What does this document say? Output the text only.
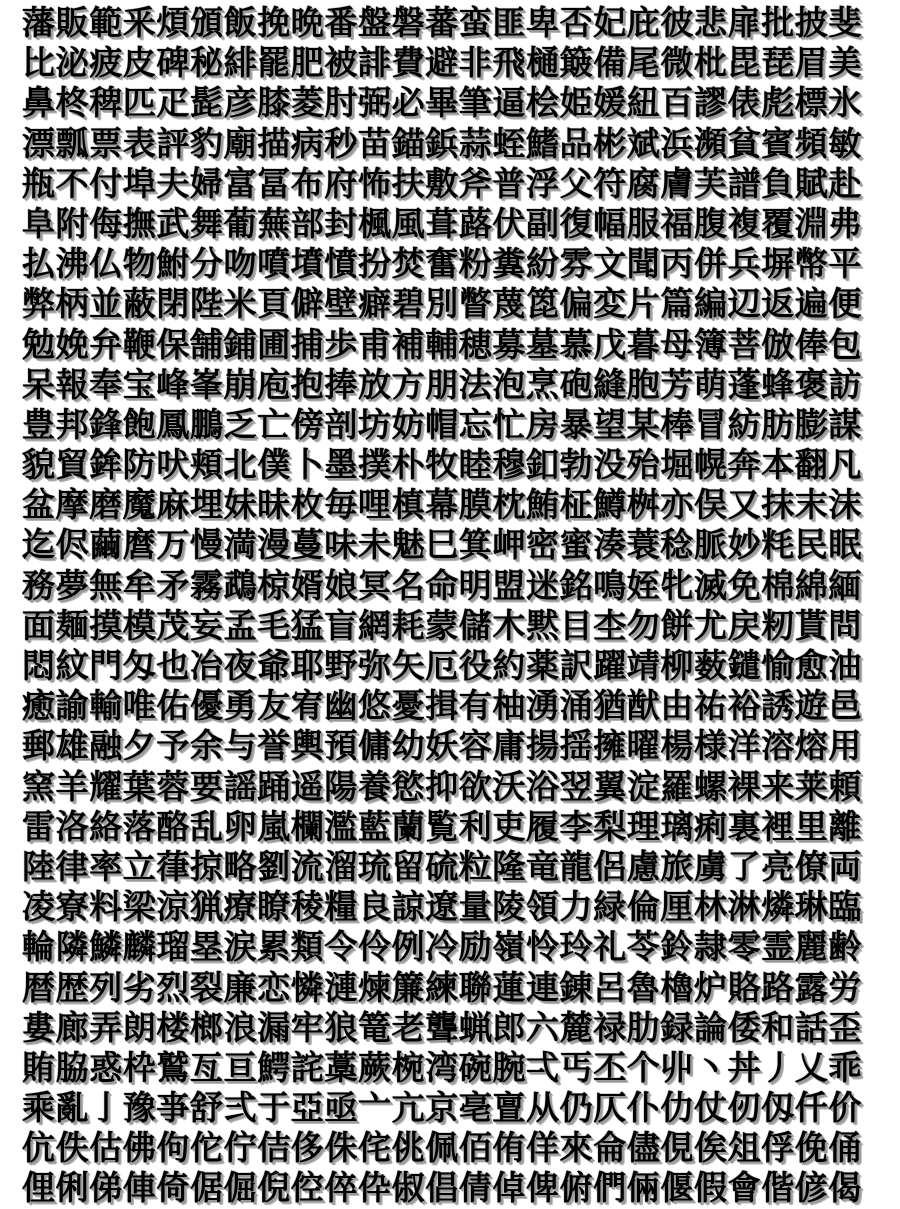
藩販範釆煩頒飯挽晩番盤磐蕃蛮匪卑否妃庇彼悲扉批披斐
比泌疲皮碑秘緋罷肥被誹費避非飛樋簸備尾微枇毘琵眉美
鼻柊稗匹疋髭彦膝菱肘弼必畢筆逼桧姫媛紐百謬俵彪標氷
漂瓢票表評豹廟描病秒苗錨鋲蒜蛭鰭品彬斌浜瀕貧賓頻敏
瓶不付埠夫婦富冨布府怖扶敷斧普浮父符腐膚芙譜負賦赴
阜附侮撫武舞葡蕪部封楓風葺蕗伏副復幅服福腹複覆淵弗
払沸仏物鮒分吻噴墳憤扮焚奮粉糞紛雰文聞丙併兵塀幣平
弊柄並蔽閉陛米頁僻壁癖碧別瞥蔑箆偏変片篇編辺返遍便
勉娩弁鞭保舗鋪圃捕歩甫補輔穂募墓慕戊暮母簿菩倣俸包
呆報奉宝峰峯崩庖抱捧放方朋法泡烹砲縫胞芳萌蓬蜂褒訪
豊邦鋒飽鳳鵬乏亡傍剖坊妨帽忘忙房暴望某棒冒紡肪膨謀
貌貿鉾防吠頬北僕卜墨撲朴牧睦穆釦勃没殆堀幌奔本翻凡
盆摩磨魔麻埋妹昧枚毎哩槙幕膜枕鮪柾鱒桝亦俣又抹末沫
迄侭繭麿万慢満漫蔓味未魅巳箕岬密蜜湊蓑稔脈妙粍民眠
務夢無牟矛霧鵡椋婿娘冥名命明盟迷銘鳴姪牝滅免棉綿緬
面麺摸模茂妄孟毛猛盲網耗蒙儲木黙目杢勿餅尤戻籾貰問
悶紋門匁也冶夜爺耶野弥矢厄役約薬訳躍靖柳薮鑓愉愈油
癒諭輸唯佑優勇友宥幽悠憂揖有柚湧涌猶猷由祐裕誘遊邑
郵雄融夕予余与誉輿預傭幼妖容庸揚揺擁曜楊様洋溶熔用
窯羊耀葉蓉要謡踊遥陽養慾抑欲沃浴翌翼淀羅螺裸来莱頼
雷洛絡落酪乱卵嵐欄濫藍蘭覧利吏履李梨理璃痢裏裡里離
陸律率立葎掠略劉流溜琉留硫粒隆竜龍侶慮旅虜了亮僚両
凌寮料梁涼猟療瞭稜糧良諒遼量陵領力緑倫厘林淋燐琳臨
輪隣鱗麟瑠塁涙累類令伶例冷励嶺怜玲礼苓鈴隷零霊麗齢
暦歴列劣烈裂廉恋憐漣煉簾練聯蓮連錬呂魯櫓炉賂路露労
婁廊弄朗楼榔浪漏牢狼篭老聾蝋郎六麓禄肋録論倭和話歪
賄脇惑枠鷲亙亘鰐詫藁蕨椀湾碗腕弌丐丕个丱丶丼丿乂乖
乘亂亅豫亊舒弍于亞亟亠亢京亳亶从仍仄仆仂仗仞仭仟价
伉佚估佛佝佗佇佶侈侏侘佻佩佰侑佯來侖儘俔俟俎俘俛俑
俚俐俤俥倚倨倔倪倥倅伜俶倡倩倬俾俯們倆偃假會偕偐偈
